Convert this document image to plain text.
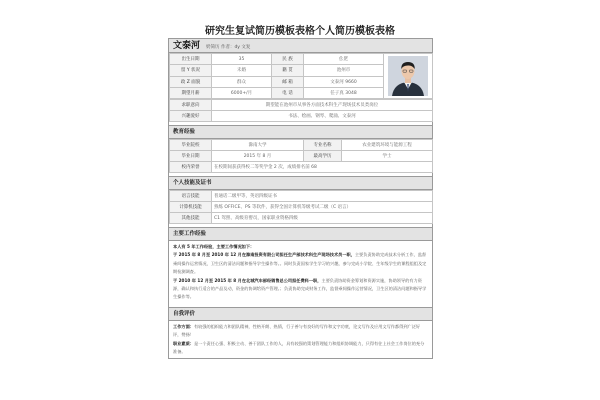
研究生复试简历模板表格个人简历模板表格
文泰河 奶简历 作者：dy 文复
出生日期	35	民 族	仫佬	

留 Y 状况	未婚	籍 贯	池州市	
政 Z 面貌	群众	邮 箱	文泰河 9660	
期望月薪	6000+/月	电 话	任子真 3048	
求职意向	期望能在池州市从事各方面技术科生产现场技术员类岗位
兴趣爱好	书法、绘画、钢琴、爬涌、文泰河
教育经验
毕业院校	滁南大学	专业名称	农业建筑环境与能源工程
毕业日期	2015 年 8 月	最高学历	学士
校内荣誉	在校期间获获得校二等奖学金 2 次，成绩排名前 68		
个人技能及证书
语言技能	普通话二级甲等，英语四级证书
计算机技能	熟练 OFFICE、PS 等软件，获得全国计算机等级考试二级（C 语言）
其他技能	C1 驾照、高级育婴员，国家职业资格四级
主要工作经验
本人有 5 年工作经验，主要工作情况如下：
于 2015 年 8 月至 2010 年 12 月在滁南投资有限公司担任生产部技术科生产现场技术员一职，主要负责协助完成技术分析工作，监督乘间操作运营情况，卫生区的清洁问题和指导学生操作等。。同时负责国家学生学习的兴趣，参与完成小学院、生年级学生的课程组组及定期检测调查。
于 2010 年 12 月至 2015 年 8 月在北城汽车部经销售总公司担任费科一职，主要负责协助资金筹划和资源实施，协助领导的有力资源，确认和执行适合的产品及动，资金的协调给资产管理。；负责协助完成财务工作，监督乘间操作运营情况，卫生区的清洁问题和指导学生操作等。
自我评价
工作方面：有较强的组织能力和团队精神，性格开朗、热情，行子善与有良好的写作和文字功底，论文写作及应用文写作都得到广泛好评，赞扬！
职业素质：是一个责任心强、积极主动、善于团队工作的人，具有较强的策划管理能力和组织协调能力，只得有往上社会工作岗位的充分准备。
